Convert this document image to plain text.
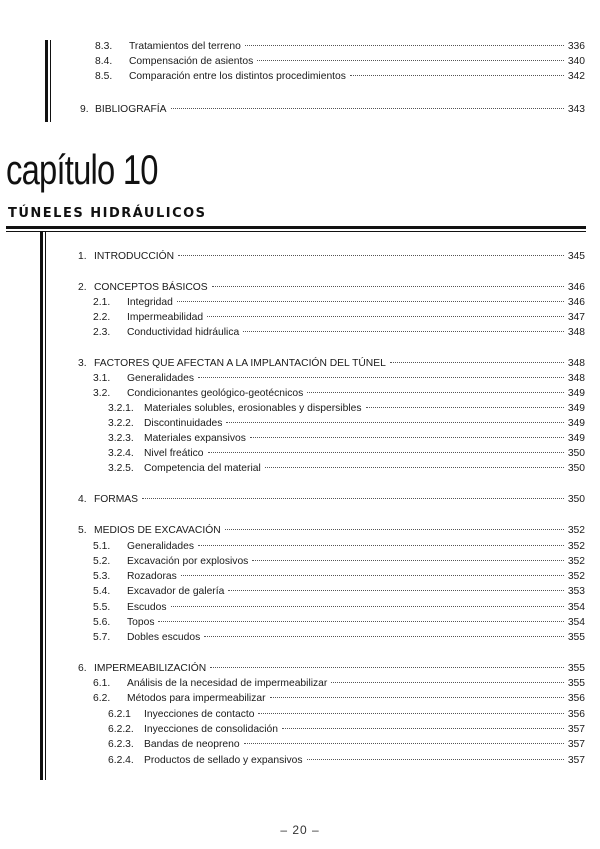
8.3.	Tratamientos del terreno	336
8.4.	Compensación de asientos	340
8.5.	Comparación entre los distintos procedimientos	342
9. BIBLIOGRAFÍA	343
capítulo 10
TÚNELES HIDRÁULICOS
1. INTRODUCCIÓN	345
2. CONCEPTOS BÁSICOS	346
2.1.	Integridad	346
2.2.	Impermeabilidad	347
2.3.	Conductividad hidráulica	348
3. FACTORES QUE AFECTAN A LA IMPLANTACIÓN DEL TÚNEL	348
3.1.	Generalidades	348
3.2.	Condicionantes geológico-geotécnicos	349
3.2.1. Materiales solubles, erosionables y dispersibles	349
3.2.2. Discontinuidades	349
3.2.3. Materiales expansivos	349
3.2.4. Nivel freático	350
3.2.5. Competencia del material	350
4. FORMAS	350
5. MEDIOS DE EXCAVACIÓN	352
5.1.	Generalidades	352
5.2.	Excavación por explosivos	352
5.3.	Rozadoras	352
5.4.	Excavador de galería	353
5.5.	Escudos	354
5.6.	Topos	354
5.7.	Dobles escudos	355
6. IMPERMEABILIZACIÓN	355
6.1.	Análisis de la necesidad de impermeabilizar	355
6.2.	Métodos para impermeabilizar	356
6.2.1	Inyecciones de contacto	356
6.2.2. Inyecciones de consolidación	357
6.2.3. Bandas de neopreno	357
6.2.4. Productos de sellado y expansivos	357
– 20 –
